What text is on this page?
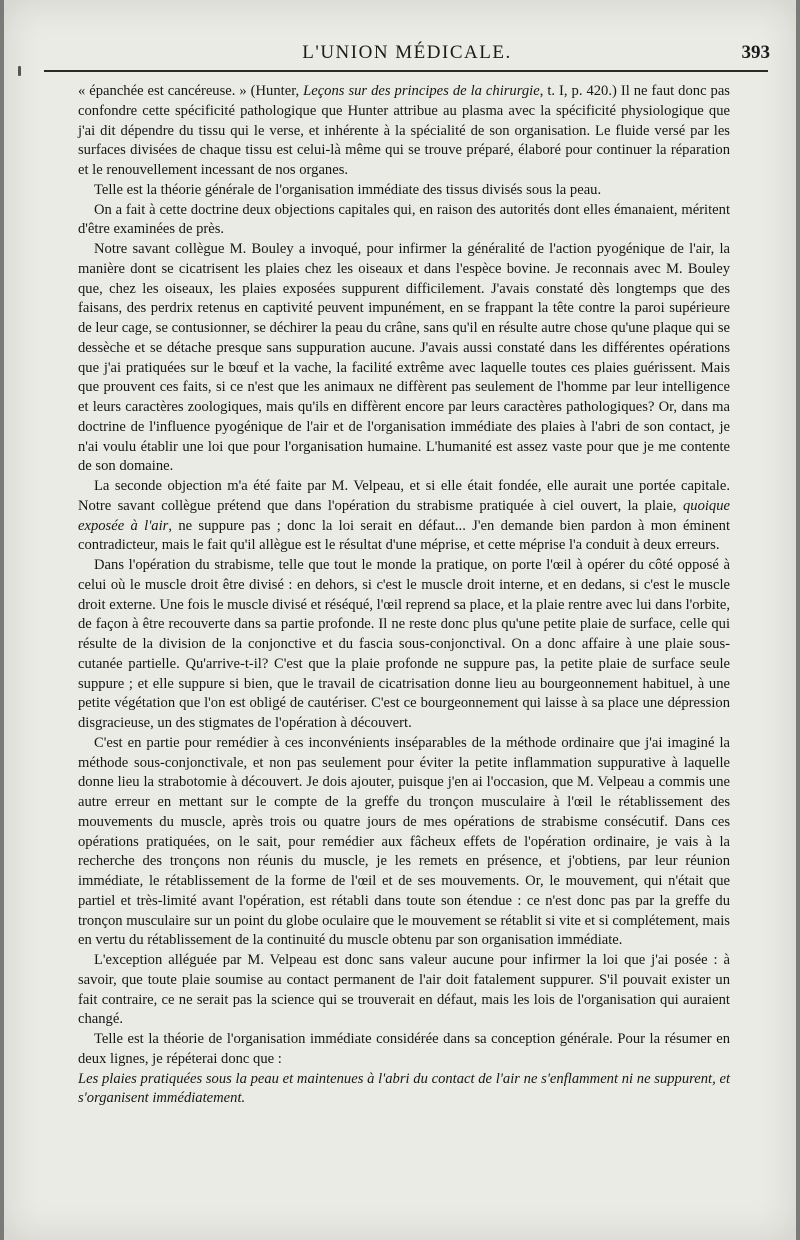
L'UNION MÉDICALE.	393

« épanchée est cancéreuse. » (Hunter, Leçons sur des principes de la chirurgie, t. I, p. 420.) Il ne faut donc pas confondre cette spécificité pathologique que Hunter attribue au plasma avec la spécificité physiologique que j'ai dit dépendre du tissu qui le verse, et inhérente à la spécialité de son organisation. Le fluide versé par les surfaces divisées de chaque tissu est celui-là même qui se trouve préparé, élaboré pour continuer la réparation et le renouvellement incessant de nos organes.

Telle est la théorie générale de l'organisation immédiate des tissus divisés sous la peau.

On a fait à cette doctrine deux objections capitales qui, en raison des autorités dont elles émanaient, méritent d'être examinées de près.

Notre savant collègue M. Bouley a invoqué, pour infirmer la généralité de l'action pyogénique de l'air, la manière dont se cicatrisent les plaies chez les oiseaux et dans l'espèce bovine. Je reconnais avec M. Bouley que, chez les oiseaux, les plaies exposées suppurent difficilement. J'avais constaté dès longtemps que des faisans, des perdrix retenus en captivité peuvent impunément, en se frappant la tête contre la paroi supérieure de leur cage, se contusionner, se déchirer la peau du crâne, sans qu'il en résulte autre chose qu'une plaque qui se dessèche et se détache presque sans suppuration aucune. J'avais aussi constaté dans les différentes opérations que j'ai pratiquées sur le bœuf et la vache, la facilité extrême avec laquelle toutes ces plaies guérissent. Mais que prouvent ces faits, si ce n'est que les animaux ne diffèrent pas seulement de l'homme par leur intelligence et leurs caractères zoologiques, mais qu'ils en diffèrent encore par leurs caractères pathologiques? Or, dans ma doctrine de l'influence pyogénique de l'air et de l'organisation immédiate des plaies à l'abri de son contact, je n'ai voulu établir une loi que pour l'organisation humaine. L'humanité est assez vaste pour que je me contente de son domaine.

La seconde objection m'a été faite par M. Velpeau, et si elle était fondée, elle aurait une portée capitale. Notre savant collègue prétend que dans l'opération du strabisme pratiquée à ciel ouvert, la plaie, quoique exposée à l'air, ne suppure pas ; donc la loi serait en défaut... J'en demande bien pardon à mon éminent contradicteur, mais le fait qu'il allègue est le résultat d'une méprise, et cette méprise l'a conduit à deux erreurs.

Dans l'opération du strabisme, telle que tout le monde la pratique, on porte l'œil à opérer du côté opposé à celui où le muscle droit être divisé : en dehors, si c'est le muscle droit interne, et en dedans, si c'est le muscle droit externe. Une fois le muscle divisé et réséqué, l'œil reprend sa place, et la plaie rentre avec lui dans l'orbite, de façon à être recouverte dans sa partie profonde. Il ne reste donc plus qu'une petite plaie de surface, celle qui résulte de la division de la conjonctive et du fascia sous-conjonctival. On a donc affaire à une plaie sous-cutanée partielle. Qu'arrive-t-il? C'est que la plaie profonde ne suppure pas, la petite plaie de surface seule suppure ; et elle suppure si bien, que le travail de cicatrisation donne lieu au bourgeonnement habituel, à une petite végétation que l'on est obligé de cautériser. C'est ce bourgeonnement qui laisse à sa place une dépression disgracieuse, un des stigmates de l'opération à découvert.

C'est en partie pour remédier à ces inconvénients inséparables de la méthode ordinaire que j'ai imaginé la méthode sous-conjonctivale, et non pas seulement pour éviter la petite inflammation suppurative à laquelle donne lieu la strabotomie à découvert. Je dois ajouter, puisque j'en ai l'occasion, que M. Velpeau a commis une autre erreur en mettant sur le compte de la greffe du tronçon musculaire à l'œil le rétablissement des mouvements du muscle, après trois ou quatre jours de mes opérations de strabisme consécutif. Dans ces opérations pratiquées, on le sait, pour remédier aux fâcheux effets de l'opération ordinaire, je vais à la recherche des tronçons non réunis du muscle, je les remets en présence, et j'obtiens, par leur réunion immédiate, le rétablissement de la forme de l'œil et de ses mouvements. Or, le mouvement, qui n'était que partiel et très-limité avant l'opération, est rétabli dans toute son étendue : ce n'est donc pas par la greffe du tronçon musculaire sur un point du globe oculaire que le mouvement se rétablit si vite et si complétement, mais en vertu du rétablissement de la continuité du muscle obtenu par son organisation immédiate.

L'exception alléguée par M. Velpeau est donc sans valeur aucune pour infirmer la loi que j'ai posée : à savoir, que toute plaie soumise au contact permanent de l'air doit fatalement suppurer. S'il pouvait exister un fait contraire, ce ne serait pas la science qui se trouverait en défaut, mais les lois de l'organisation qui auraient changé.

Telle est la théorie de l'organisation immédiate considérée dans sa conception générale. Pour la résumer en deux lignes, je répéterai donc que :

Les plaies pratiquées sous la peau et maintenues à l'abri du contact de l'air ne s'enflamment ni ne suppurent, et s'organisent immédiatement.
